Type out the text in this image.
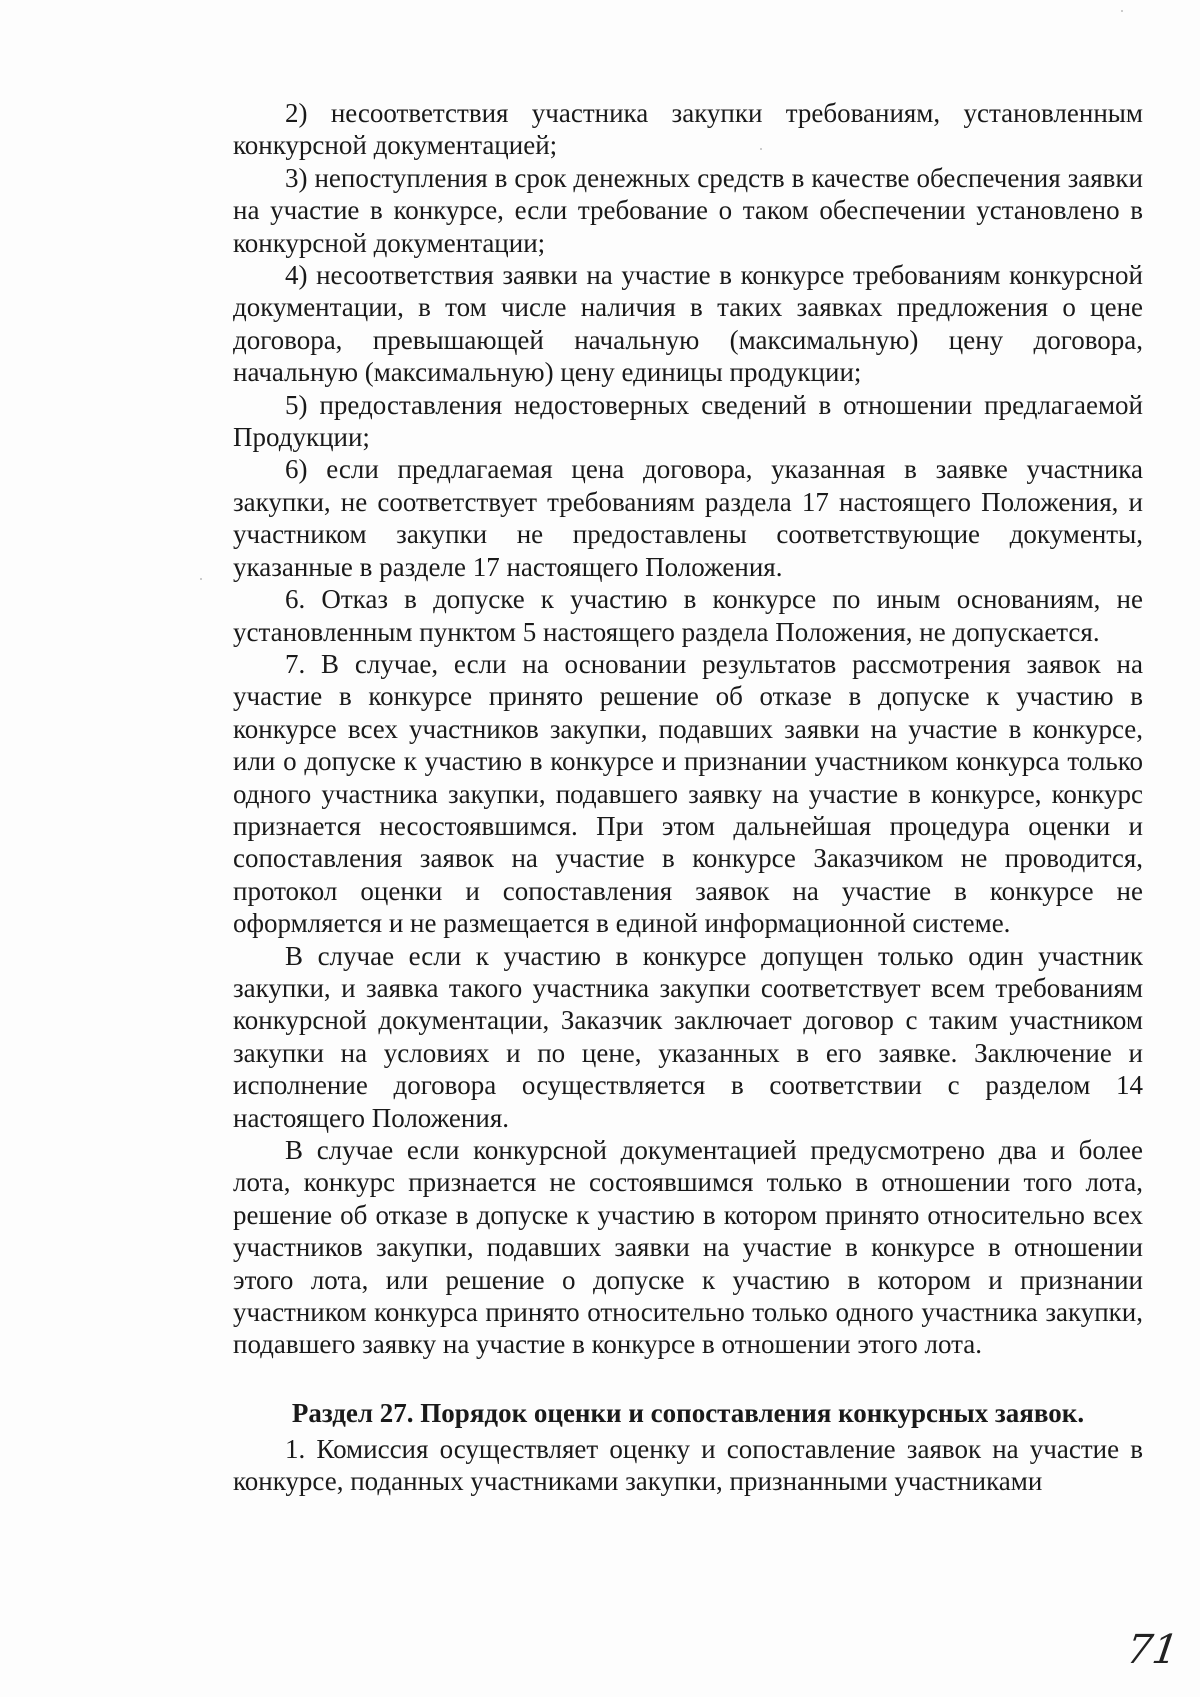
2) несоответствия участника закупки требованиям, установленным конкурсной документацией;

3) непоступления в срок денежных средств в качестве обеспечения заявки на участие в конкурсе, если требование о таком обеспечении установлено в конкурсной документации;

4) несоответствия заявки на участие в конкурсе требованиям конкурсной документации, в том числе наличия в таких заявках предложения о цене договора, превышающей начальную (максимальную) цену договора, начальную (максимальную) цену единицы продукции;

5) предоставления недостоверных сведений в отношении предлагаемой Продукции;

6) если предлагаемая цена договора, указанная в заявке участника закупки, не соответствует требованиям раздела 17 настоящего Положения, и участником закупки не предоставлены соответствующие документы, указанные в разделе 17 настоящего Положения.

6. Отказ в допуске к участию в конкурсе по иным основаниям, не установленным пунктом 5 настоящего раздела Положения, не допускается.

7. В случае, если на основании результатов рассмотрения заявок на участие в конкурсе принято решение об отказе в допуске к участию в конкурсе всех участников закупки, подавших заявки на участие в конкурсе, или о допуске к участию в конкурсе и признании участником конкурса только одного участника закупки, подавшего заявку на участие в конкурсе, конкурс признается несостоявшимся. При этом дальнейшая процедура оценки и сопоставления заявок на участие в конкурсе Заказчиком не проводится, протокол оценки и сопоставления заявок на участие в конкурсе не оформляется и не размещается в единой информационной системе.

В случае если к участию в конкурсе допущен только один участник закупки, и заявка такого участника закупки соответствует всем требованиям конкурсной документации, Заказчик заключает договор с таким участником закупки на условиях и по цене, указанных в его заявке. Заключение и исполнение договора осуществляется в соответствии с разделом 14 настоящего Положения.

В случае если конкурсной документацией предусмотрено два и более лота, конкурс признается не состоявшимся только в отношении того лота, решение об отказе в допуске к участию в котором принято относительно всех участников закупки, подавших заявки на участие в конкурсе в отношении этого лота, или решение о допуске к участию в котором и признании участником конкурса принято относительно только одного участника закупки, подавшего заявку на участие в конкурсе в отношении этого лота.

Раздел 27. Порядок оценки и сопоставления конкурсных заявок.

1. Комиссия осуществляет оценку и сопоставление заявок на участие в конкурсе, поданных участниками закупки, признанными участниками

71
